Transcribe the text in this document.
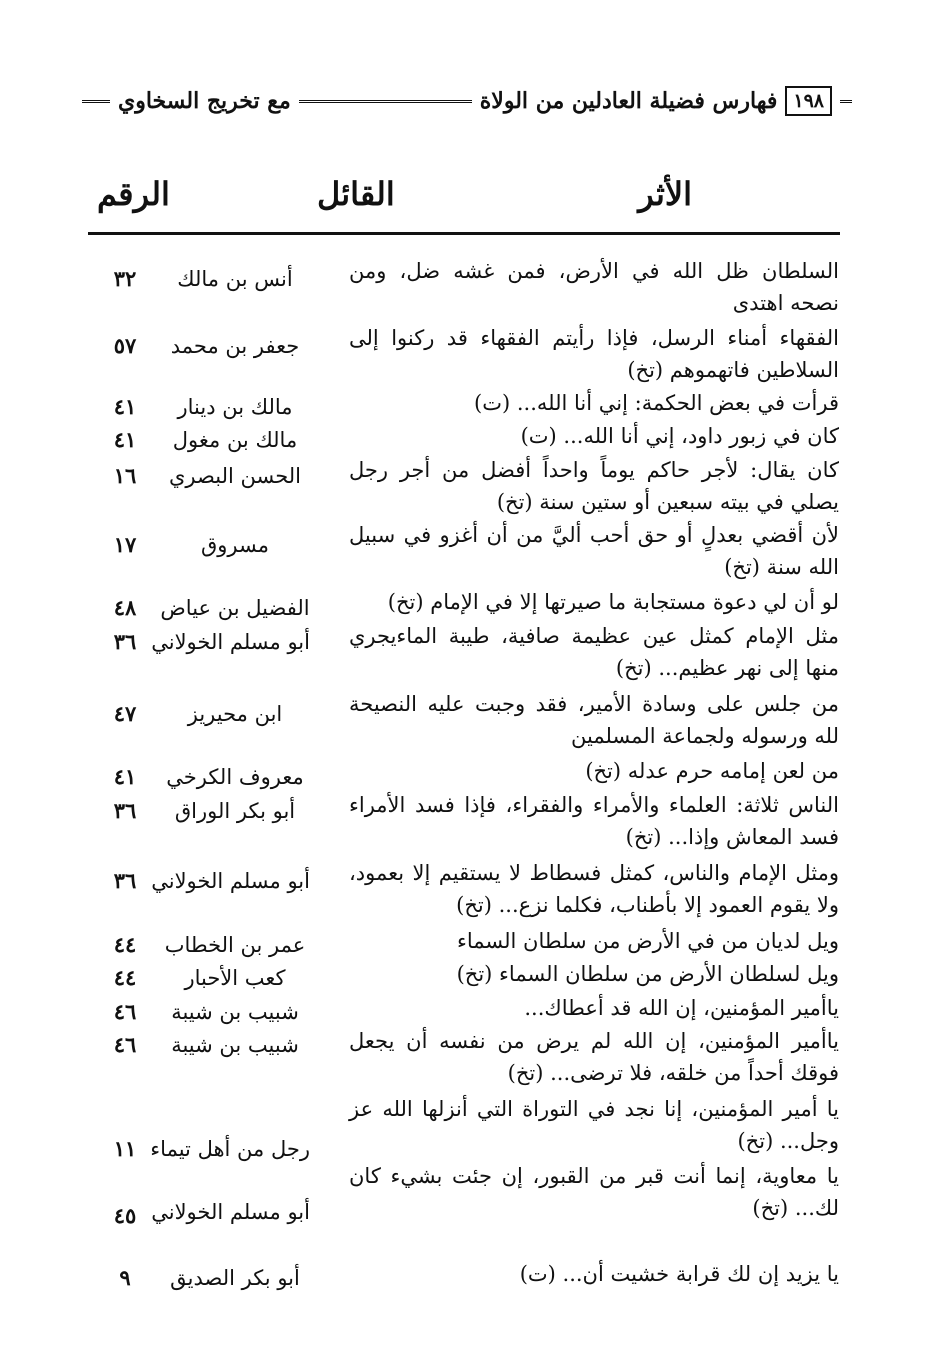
١٩٨
فهارس فضيلة العادلين من الولاة
مع تخريج السخاوي
الأثر
القائل
الرقم
السلطان ظل الله في الأرض، فمن غشه ضل، ومن نصحه اهتدى
أنس بن مالك
٣٢
الفقهاء أمناء الرسل، فإذا رأيتم الفقهاء قد ركنوا إلى السلاطين فاتهموهم (تخ)
جعفر بن محمد
٥٧
قرأت في بعض الحكمة: إني أنا الله... (ت)
مالك بن دينار
٤١
كان في زبور داود، إني أنا الله... (ت)
مالك بن مغول
٤١
كان يقال: لأجر حاكم يوماً واحداً أفضل من أجر رجل يصلي في بيته سبعين أو ستين سنة (تخ)
الحسن البصري
١٦
لأن أقضي بعدلٍ أو حق أحب أليَّ من أن أغزو في سبيل الله سنة (تخ)
مسروق
١٧
لو أن لي دعوة مستجابة ما صيرتها إلا في الإمام (تخ)
الفضيل بن عياض
٤٨
مثل الإمام كمثل عين عظيمة صافية، طيبة الماءيجري منها إلى نهر عظيم... (تخ)
أبو مسلم الخولاني
٣٦
من جلس على وسادة الأمير، فقد وجبت عليه النصيحة لله ورسوله ولجماعة المسلمين
ابن محيريز
٤٧
من لعن إمامه حرم عدله (تخ)
معروف الكرخي
٤١
الناس ثلاثة: العلماء والأمراء والفقراء، فإذا فسد الأمراء فسد المعاش وإذا... (تخ)
أبو بكر الوراق
٣٦
ومثل الإمام والناس، كمثل فسطاط لا يستقيم إلا بعمود، ولا يقوم العمود إلا بأطناب، فكلما نزع... (تخ)
أبو مسلم الخولاني
٣٦
ويل لديان من في الأرض من سلطان السماء
عمر بن الخطاب
٤٤
ويل لسلطان الأرض من سلطان السماء (تخ)
كعب الأحبار
٤٤
ياأمير المؤمنين، إن الله قد أعطاك...
شبيب بن شيبة
٤٦
ياأمير المؤمنين، إن الله لم يرض من نفسه أن يجعل فوقك أحداً من خلقه، فلا ترضى... (تخ)
شبيب بن شيبة
٤٦
يا أمير المؤمنين، إنا نجد في التوراة التي أنزلها الله عز وجل... (تخ)
رجل من أهل تيماء
١١
يا معاوية، إنما أنت قبر من القبور، إن جئت بشيء كان لك... (تخ)
أبو مسلم الخولاني
٤٥
يا يزيد إن لك قرابة خشيت أن... (ت)
أبو بكر الصديق
٩
